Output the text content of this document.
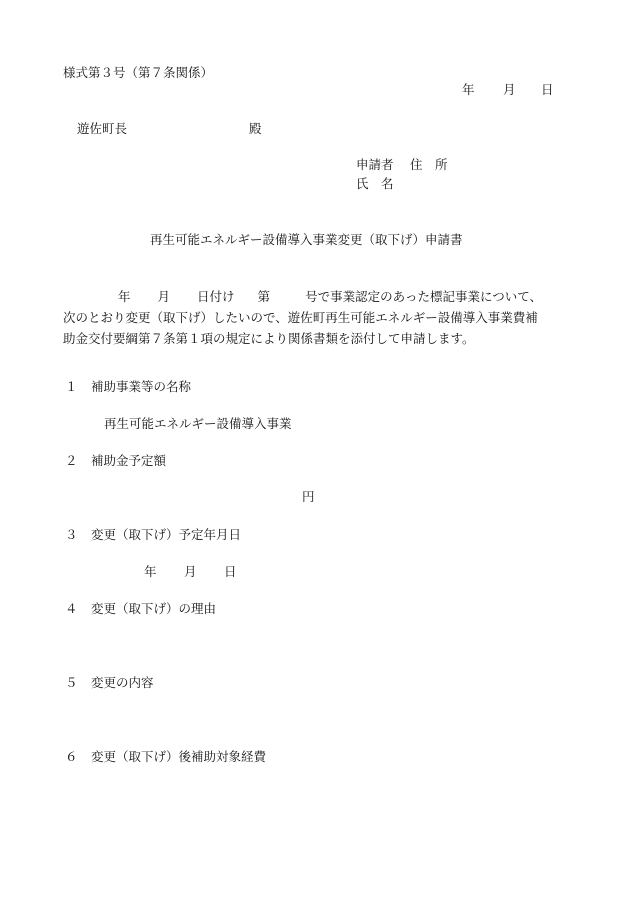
様式第３号（第７条関係）
年 月 日
遊佐町長	殿
申請者 住　所
氏　名
再生可能エネルギー設備導入事業変更（取下げ）申請書
年 月 日付け 第	号で事業認定のあった標記事業について、
次のとおり変更（取下げ）したいので、遊佐町再生可能エネルギー設備導入事業費補
助金交付要綱第７条第１項の規定により関係書類を添付して申請します。
１ 補助事業等の名称
再生可能エネルギー設備導入事業
２ 補助金予定額
円
３ 変更（取下げ）予定年月日
年 月 日
４ 変更（取下げ）の理由
５ 変更の内容
６ 変更（取下げ）後補助対象経費
